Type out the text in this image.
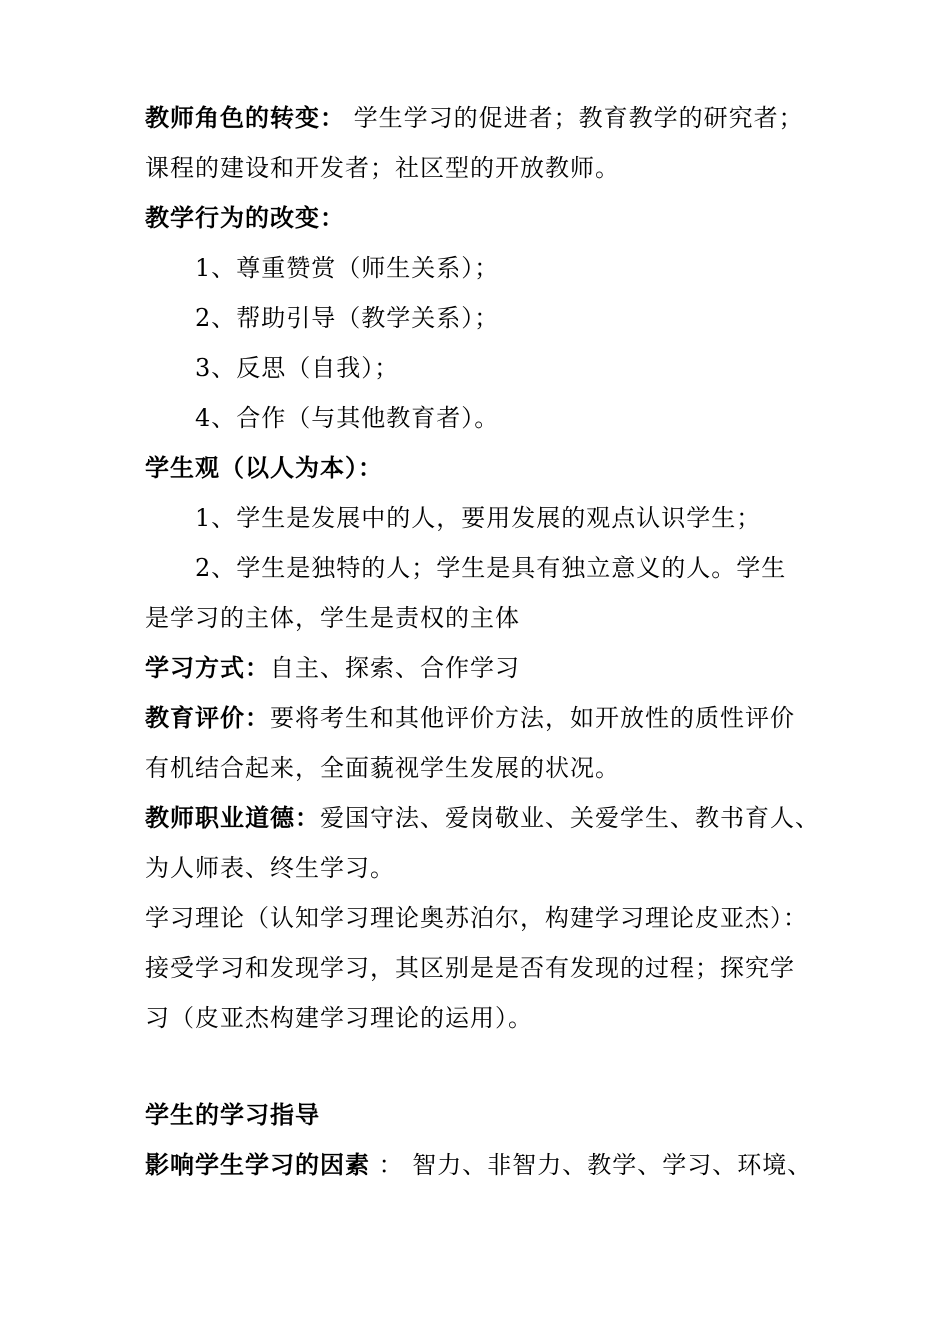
教师角色的转变： 学生学习的促进者；教育教学的研究者；
课程的建设和开发者；社区型的开放教师。
教学行为的改变：
1、尊重赞赏（师生关系）；
2、帮助引导（教学关系）；
3、反思（自我）；
4、合作（与其他教育者）。
学生观（以人为本）：
1、学生是发展中的人，要用发展的观点认识学生；
2、学生是独特的人；学生是具有独立意义的人。学生
是学习的主体，学生是责权的主体
学习方式：自主、探索、合作学习
教育评价：要将考生和其他评价方法，如开放性的质性评价
有机结合起来，全面藐视学生发展的状况。
教师职业道德：爱国守法、爱岗敬业、关爱学生、教书育人、
为人师表、终生学习。
学习理论（认知学习理论奥苏泊尔，构建学习理论皮亚杰）：
接受学习和发现学习，其区别是是否有发现的过程；探究学
习（皮亚杰构建学习理论的运用）。
学生的学习指导
影响学生学习的因素 ： 智力、非智力、教学、学习、环境、
